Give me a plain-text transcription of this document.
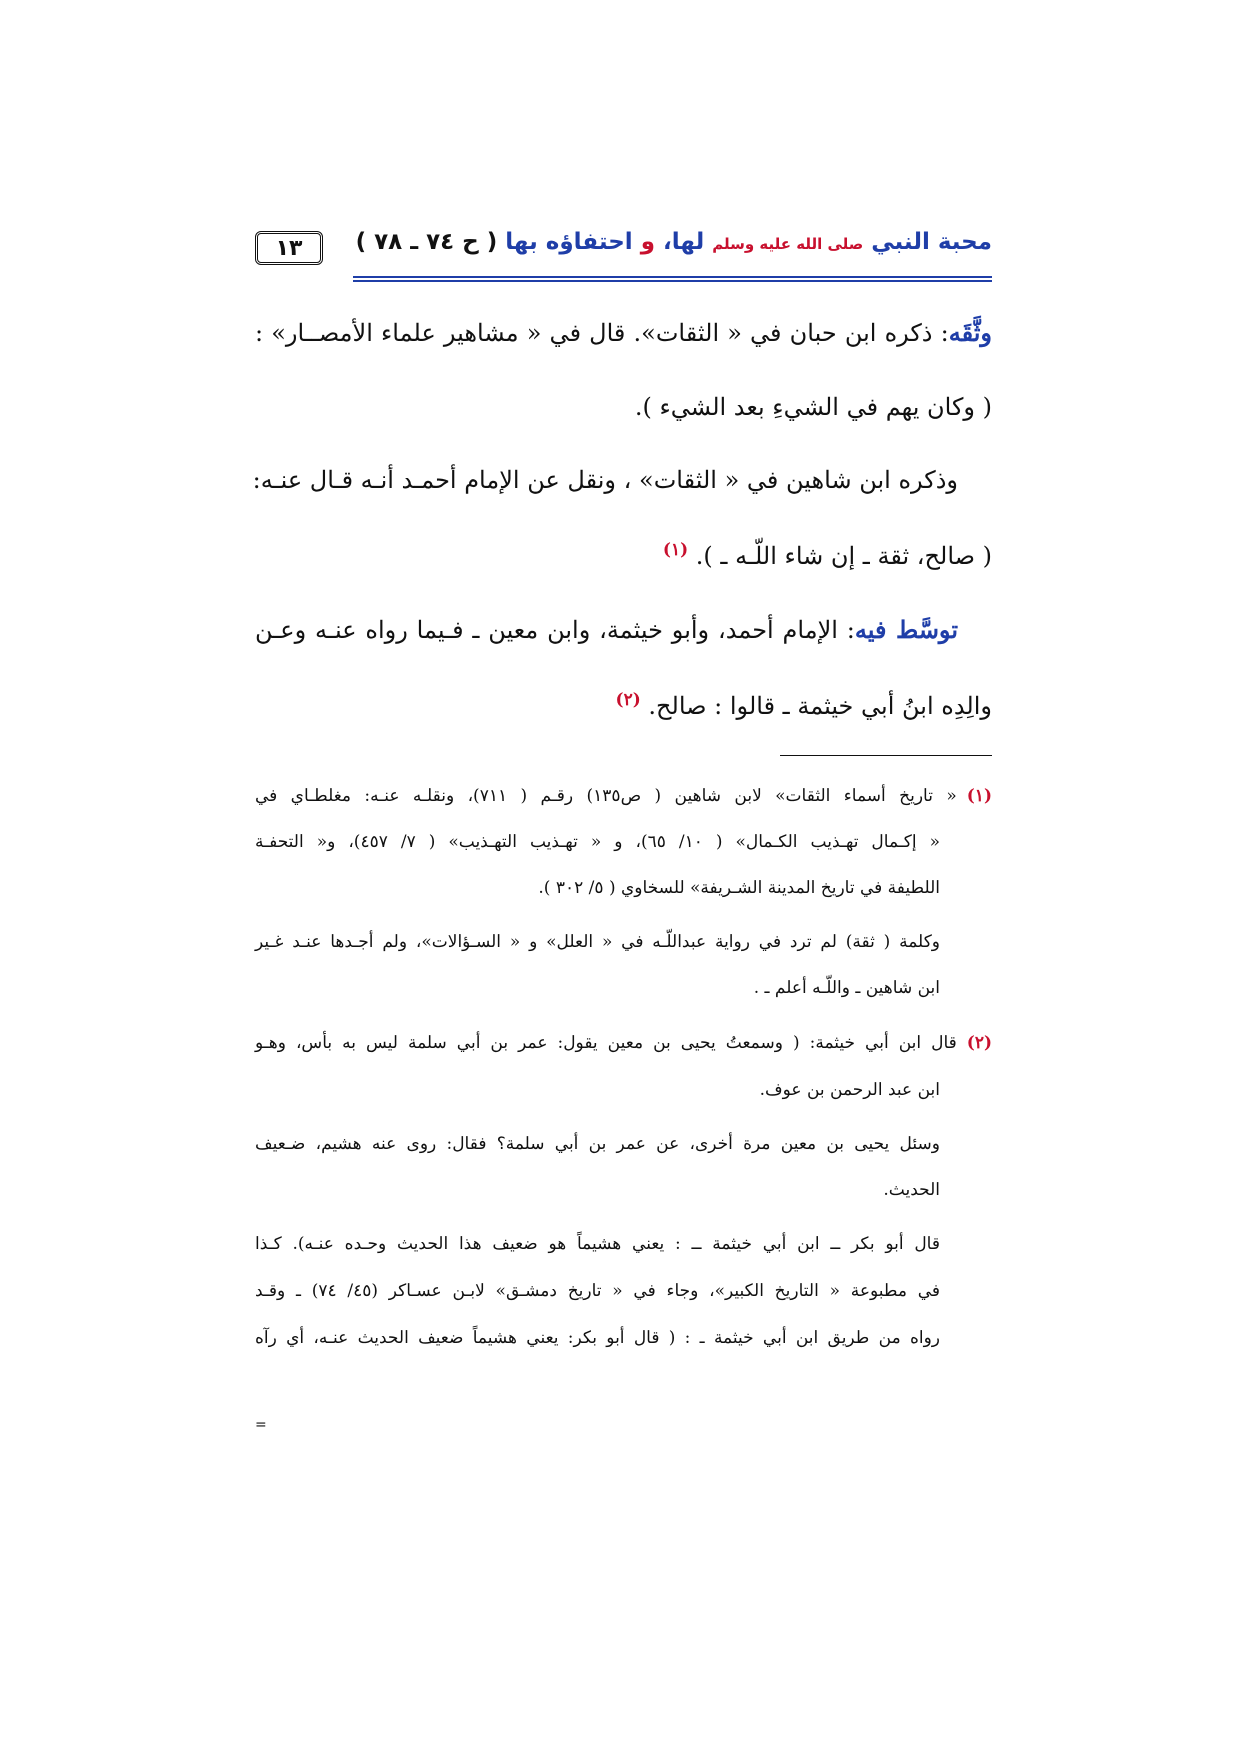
١٣	محبة النبي صلى الله عليه وسلم لها، و احتفاؤه بها ( ح ٧٤ ـ ٧٨ )
وثَّقَه: ذكره ابن حبان في « الثقات». قال في « مشاهير علماء الأمصــار» :
( وكان يهم في الشيءِ بعد الشيء ).
وذكره ابن شاهين في « الثقات» ، ونقل عن الإمام أحمـد أنـه قـال عنـه:
( صالح، ثقة ـ إن شاء اللّـه ـ ). $^{(١)}$
توسَّط فيه: الإمام أحمد، وأبو خيثمة، وابن معين ـ فـيما رواه عنـه وعـن
والِدِه ابنُ أبي خيثمة ـ قالوا : صالح. $^{(٢)}$
(١)« تاريخ أسماء الثقات» لابن شاهين ( ص١٣٥) رقـم ( ٧١١)، ونقلـه عنـه: مغلطـاي في
« إكـمال تهـذيب الكـمال» ( ١٠/ ٦٥)، و « تهـذيب التهـذيب» ( ٧/ ٤٥٧)، و« التحفـة
اللطيفة في تاريخ المدينة الشـريفة» للسخاوي ( ٥/ ٣٠٢ ).
وكلمة ( ثقة) لم ترد في رواية عبداللّـه في « العلل» و « السـؤالات»، ولم أجـدها عنـد غـير
ابن شاهين ـ واللّـه أعلم ـ .
(٢)قال ابن أبي خيثمة: ( وسمعتُ يحيى بن معين يقول: عمر بن أبي سلمة ليس به بأس، وهـو
ابن عبد الرحمن بن عوف.
وسئل يحيى بن معين مرة أخرى، عن عمر بن أبي سلمة؟ فقال: روى عنه هشيم، ضـعيف
الحديث.
قال أبو بكر ــ ابن أبي خيثمة ــ : يعني هشيماً هو ضعيف هذا الحديث وحـده عنـه). كـذا
في مطبوعة « التاريخ الكبير»، وجاء في « تاريخ دمشـق» لابـن عسـاكر (٤٥/ ٧٤) ـ وقـد
رواه من طريق ابن أبي خيثمة ـ : ( قال أبو بكر: يعني هشيماً ضعيف الحديث عنـه، أي رآه
=
